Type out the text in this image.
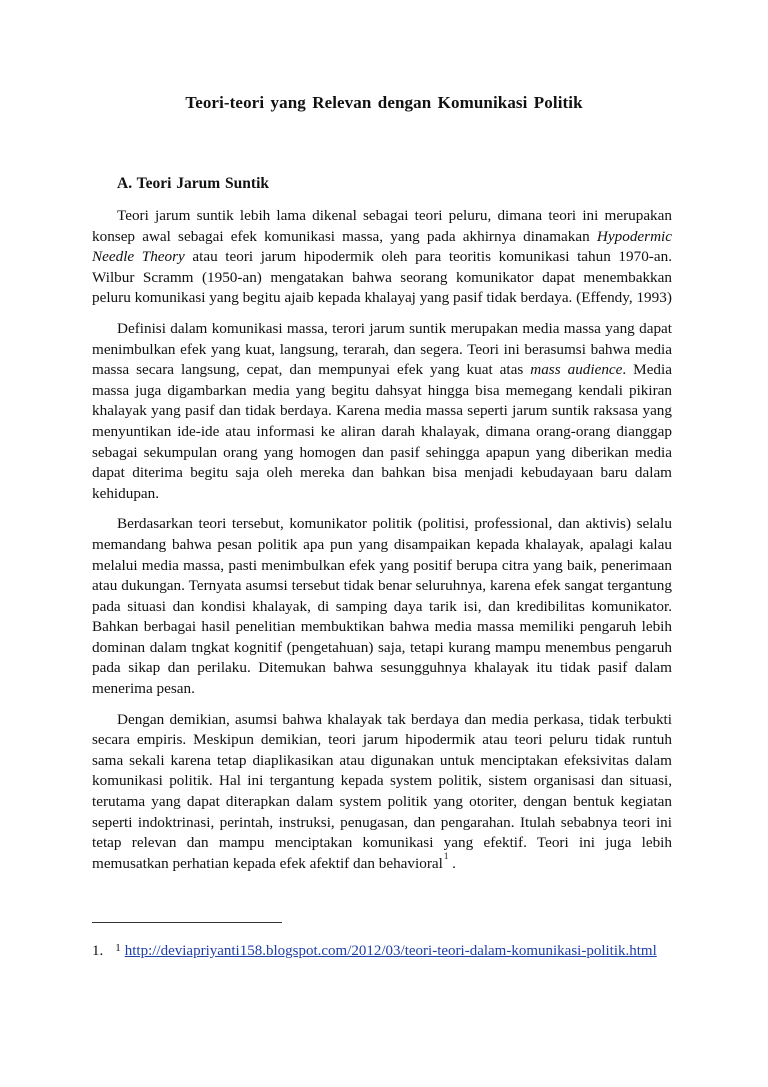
Teori-teori yang Relevan dengan Komunikasi Politik
A. Teori Jarum Suntik

Teori jarum suntik lebih lama dikenal sebagai teori peluru, dimana teori ini merupakan konsep awal sebagai efek komunikasi massa, yang pada akhirnya dinamakan Hypodermic Needle Theory atau teori jarum hipodermik oleh para teoritis komunikasi tahun 1970-an. Wilbur Scramm (1950-an) mengatakan bahwa seorang komunikator dapat menembakkan peluru komunikasi yang begitu ajaib kepada khalayaj yang pasif tidak berdaya. (Effendy, 1993)

Definisi dalam komunikasi massa, terori jarum suntik merupakan media massa yang dapat menimbulkan efek yang kuat, langsung, terarah, dan segera. Teori ini berasumsi bahwa media massa secara langsung, cepat, dan mempunyai efek yang kuat atas mass audience. Media massa juga digambarkan media yang begitu dahsyat hingga bisa memegang kendali pikiran khalayak yang pasif dan tidak berdaya. Karena media massa seperti jarum suntik raksasa yang menyuntikan ide-ide atau informasi ke aliran darah khalayak, dimana orang-orang dianggap sebagai sekumpulan orang yang homogen dan pasif sehingga apapun yang diberikan media dapat diterima begitu saja oleh mereka dan bahkan bisa menjadi kebudayaan baru dalam kehidupan.

Berdasarkan teori tersebut, komunikator politik (politisi, professional, dan aktivis) selalu memandang bahwa pesan politik apa pun yang disampaikan kepada khalayak, apalagi kalau melalui media massa, pasti menimbulkan efek yang positif berupa citra yang baik, penerimaan atau dukungan. Ternyata asumsi tersebut tidak benar seluruhnya, karena efek sangat tergantung pada situasi dan kondisi khalayak, di samping daya tarik isi, dan kredibilitas komunikator. Bahkan berbagai hasil penelitian membuktikan bahwa media massa memiliki pengaruh lebih dominan dalam tngkat kognitif (pengetahuan) saja, tetapi kurang mampu menembus pengaruh pada sikap dan perilaku. Ditemukan bahwa sesungguhnya khalayak itu tidak pasif dalam menerima pesan.

Dengan demikian, asumsi bahwa khalayak tak berdaya dan media perkasa, tidak terbukti secara empiris. Meskipun demikian, teori jarum hipodermik atau teori peluru tidak runtuh sama sekali karena tetap diaplikasikan atau digunakan untuk menciptakan efeksivitas dalam komunikasi politik. Hal ini tergantung kepada system politik, sistem organisasi dan situasi, terutama yang dapat diterapkan dalam system politik yang otoriter, dengan bentuk kegiatan seperti indoktrinasi, perintah, instruksi, penugasan, dan pengarahan. Itulah sebabnya teori ini tetap relevan dan mampu menciptakan komunikasi yang efektif. Teori ini juga lebih memusatkan perhatian kepada efek afektif dan behavioral$^1$ .

1. $^1$ http://deviapriyanti158.blogspot.com/2012/03/teori-teori-dalam-komunikasi-politik.html
